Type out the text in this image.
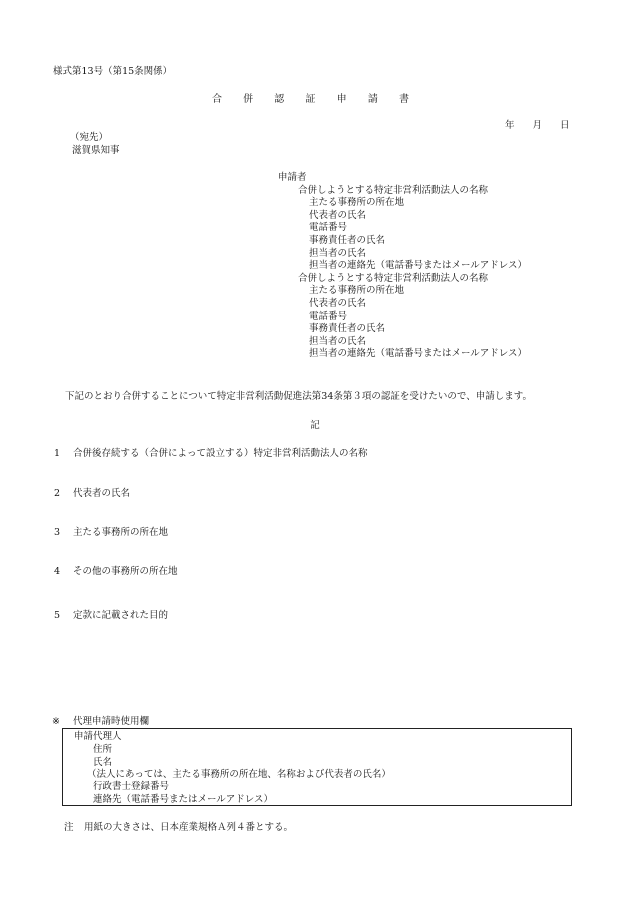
様式第13号（第15条関係）
合 併 認 証 申 請 書
年 月 日
（宛先）
滋賀県知事
申請者
合併しようとする特定非営利活動法人の名称
主たる事務所の所在地
代表者の氏名
電話番号
事務責任者の氏名
担当者の氏名
担当者の連絡先（電話番号またはメールアドレス）
合併しようとする特定非営利活動法人の名称
主たる事務所の所在地
代表者の氏名
電話番号
事務責任者の氏名
担当者の氏名
担当者の連絡先（電話番号またはメールアドレス）
下記のとおり合併することについて特定非営利活動促進法第34条第３項の認証を受けたいので、申請します。
記
1 合併後存続する（合併によって設立する）特定非営利活動法人の名称
2 代表者の氏名
3 主たる事務所の所在地
4 その他の事務所の所在地
5 定款に記載された目的
※ 代理申請時使用欄
申請代理人
住所
氏名
（法人にあっては、主たる事務所の所在地、名称および代表者の氏名）
行政書士登録番号
連絡先（電話番号またはメールアドレス）
注 用紙の大きさは、日本産業規格Ａ列４番とする。
